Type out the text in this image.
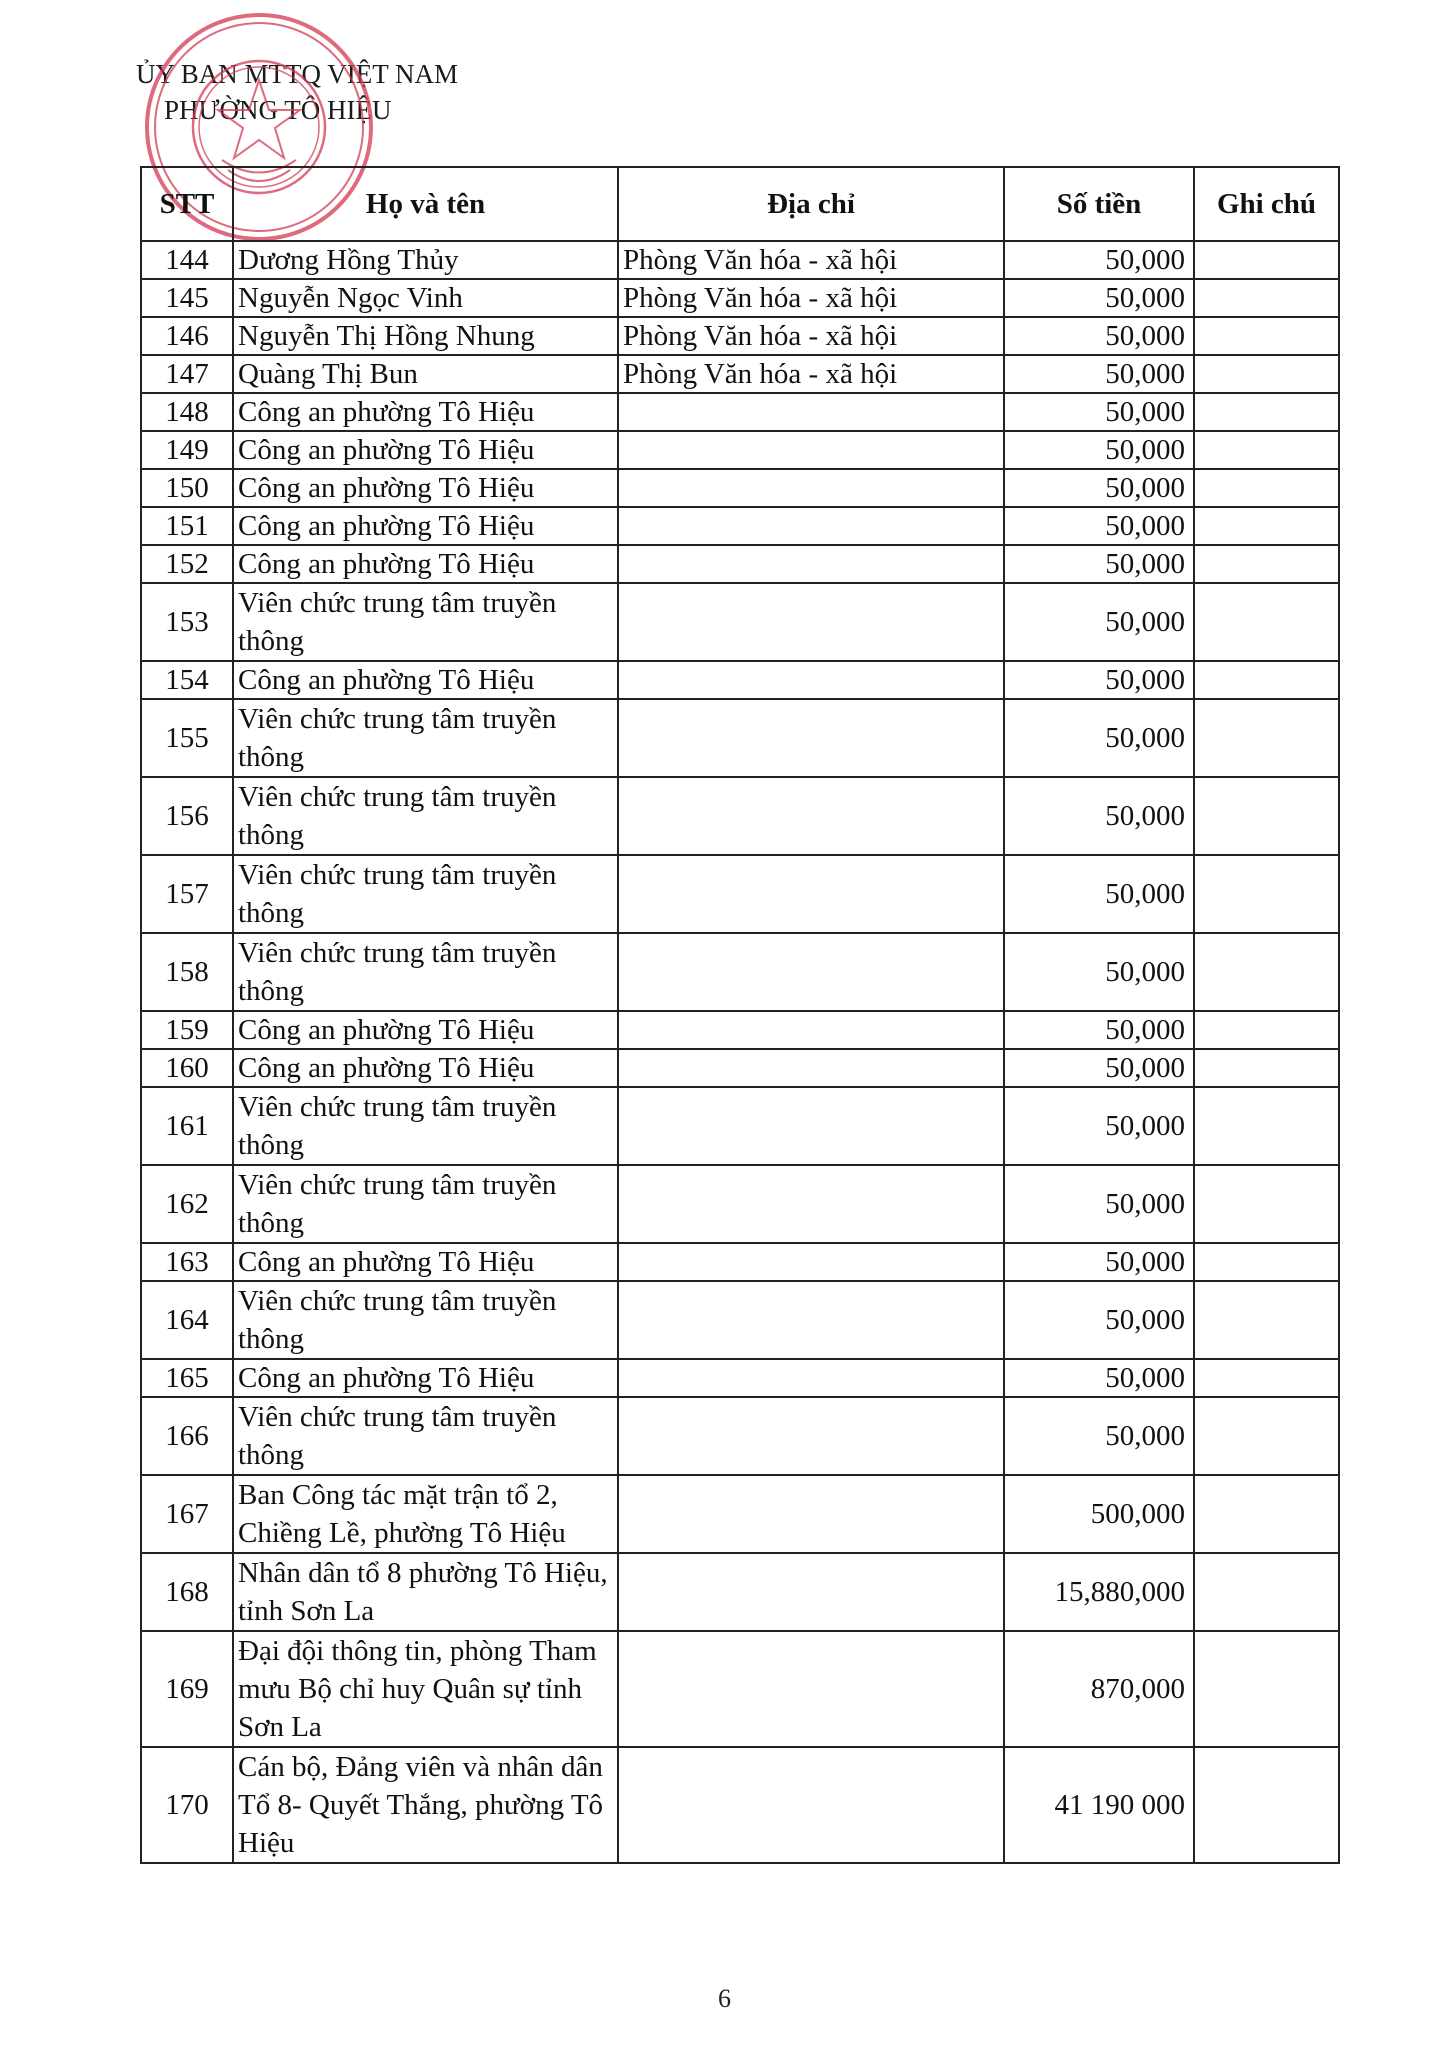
ỦY BAN MTTQ VIỆT NAM
PHƯỜNG TÔ HIỆU
STT	Họ và tên	Địa chỉ	Số tiền	Ghi chú
144	Dương Hồng Thủy	Phòng Văn hóa - xã hội	50,000	
145	Nguyễn Ngọc Vinh	Phòng Văn hóa - xã hội	50,000	
146	Nguyễn Thị Hồng Nhung	Phòng Văn hóa - xã hội	50,000	
147	Quàng Thị Bun	Phòng Văn hóa - xã hội	50,000	
148	Công an phường Tô Hiệu		50,000	
149	Công an phường Tô Hiệu		50,000	
150	Công an phường Tô Hiệu		50,000	
151	Công an phường Tô Hiệu		50,000	
152	Công an phường Tô Hiệu		50,000	
153	Viên chức trung tâm truyền thông		50,000	
154	Công an phường Tô Hiệu		50,000	
155	Viên chức trung tâm truyền thông		50,000	
156	Viên chức trung tâm truyền thông		50,000	
157	Viên chức trung tâm truyền thông		50,000	
158	Viên chức trung tâm truyền thông		50,000	
159	Công an phường Tô Hiệu		50,000	
160	Công an phường Tô Hiệu		50,000	
161	Viên chức trung tâm truyền thông		50,000	
162	Viên chức trung tâm truyền thông		50,000	
163	Công an phường Tô Hiệu		50,000	
164	Viên chức trung tâm truyền thông		50,000	
165	Công an phường Tô Hiệu		50,000	
166	Viên chức trung tâm truyền thông		50,000	
167	Ban Công tác mặt trận tổ 2, Chiềng Lề, phường Tô Hiệu		500,000	
168	Nhân dân tổ 8 phường Tô Hiệu, tỉnh Sơn La		15,880,000	
169	Đại đội thông tin, phòng Tham mưu Bộ chỉ huy Quân sự tỉnh Sơn La		870,000	
170	Cán bộ, Đảng viên và nhân dân Tổ 8- Quyết Thắng, phường Tô Hiệu		41 190 000	
6
